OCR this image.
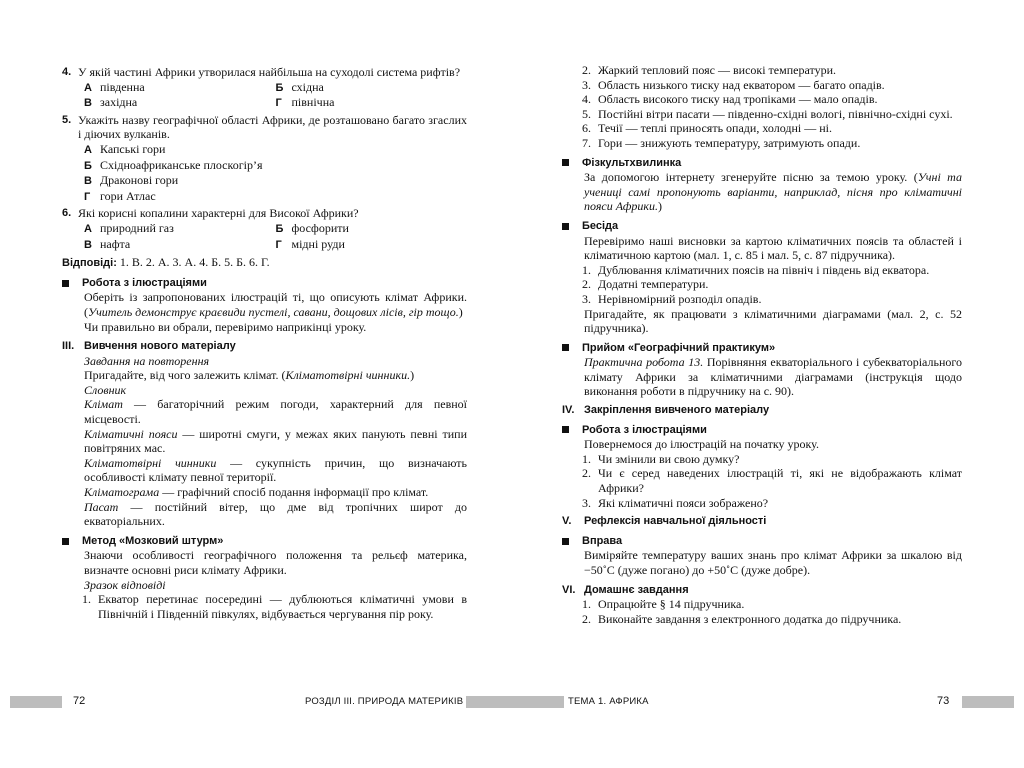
4. У якій частині Африки утворилася найбільша на суходолі система рифтів?

А південна	Б східна
В західна	Г північна
5. Укажіть назву географічної області Африки, де розташовано багато згаслих і діючих вулканів.

А Капські гори
Б Східноафриканське плоскогір’я
В Драконові гори
Г гори Атлас
6. Які корисні копалини характерні для Високої Африки?

А природний газ	Б фосфорити
В нафта	Г мідні руди

Відповіді: 1. В. 2. А. 3. А. 4. Б. 5. Б. 6. Г.

Робота з ілюстраціями

Оберіть із запропонованих ілюстрацій ті, що описують клімат Африки. (Учитель демонструє краєвиди пустелі, савани, дощових лісів, гір тощо.)

Чи правильно ви обрали, перевіримо наприкінці уроку.

III. Вивчення нового матеріалу

Завдання на повторення

Пригадайте, від чого залежить клімат. (Кліматотвірні чинники.)

Словник

Клімат — багаторічний режим погоди, характерний для певної місцевості.

Кліматичні пояси — широтні смуги, у межах яких панують певні типи повітряних мас.

Кліматотвірні чинники — сукупність причин, що визначають особливості клімату певної території.

Кліматограма — графічний спосіб подання інформації про клімат.

Пасат — постійний вітер, що дме від тропічних широт до екваторіальних.

Метод «Мозковий штурм»

Знаючи особливості географічного положення та рельєф материка, визначте основні риси клімату Африки.

Зразок відповіді

1. Екватор перетинає посередині — дублюються кліматичні умови в Північній і Південній півкулях, відбувається чергування пір року.
2. Жаркий тепловий пояс — високі температури.
3. Область низького тиску над екватором — багато опадів.
4. Область високого тиску над тропіками — мало опадів.
5. Постійні вітри пасати — південно-східні вологі, північно-східні сухі.
6. Течії — теплі приносять опади, холодні — ні.
7. Гори — знижують температуру, затримують опади.
Фізкультхвилинка

За допомогою інтернету згенеруйте пісню за темою уроку. (Учні та учениці самі пропонують варіанти, наприклад, пісня про кліматичні пояси Африки.)

Бесіда

Перевіримо наші висновки за картою кліматичних поясів та областей і кліматичною картою (мал. 1, с. 85 і мал. 5, с. 87 підручника).

1. Дублювання кліматичних поясів на північ і південь від екватора.
2. Додатні температури.
3. Нерівномірний розподіл опадів.

Пригадайте, як працювати з кліматичними діаграмами (мал. 2, с. 52 підручника).

Прийом «Географічний практикум»

Практична робота 13. Порівняння екваторіального і субекваторіального клімату Африки за кліматичними діаграмами (інструкція щодо виконання роботи в підручнику на с. 90).

IV. Закріплення вивченого матеріалу
Робота з ілюстраціями

Повернемося до ілюстрацій на початку уроку.

1. Чи змінили ви свою думку?
2. Чи є серед наведених ілюстрацій ті, які не відображають клімат Африки?
3. Які кліматичні пояси зображено?
V.	Рефлексія навчальної діяльності
Вправа

Виміряйте температуру ваших знань про клімат Африки за шкалою від −50˚С (дуже погано) до +50˚С (дуже добре).

VI. Домашнє завдання
1. Опрацюйте § 14 підручника.
2. Виконайте завдання з електронного додатка до підручника.
72	РОЗДІЛ III. ПРИРОДА МАТЕРИКІВ	ТЕМА 1. АФРИКА	73
